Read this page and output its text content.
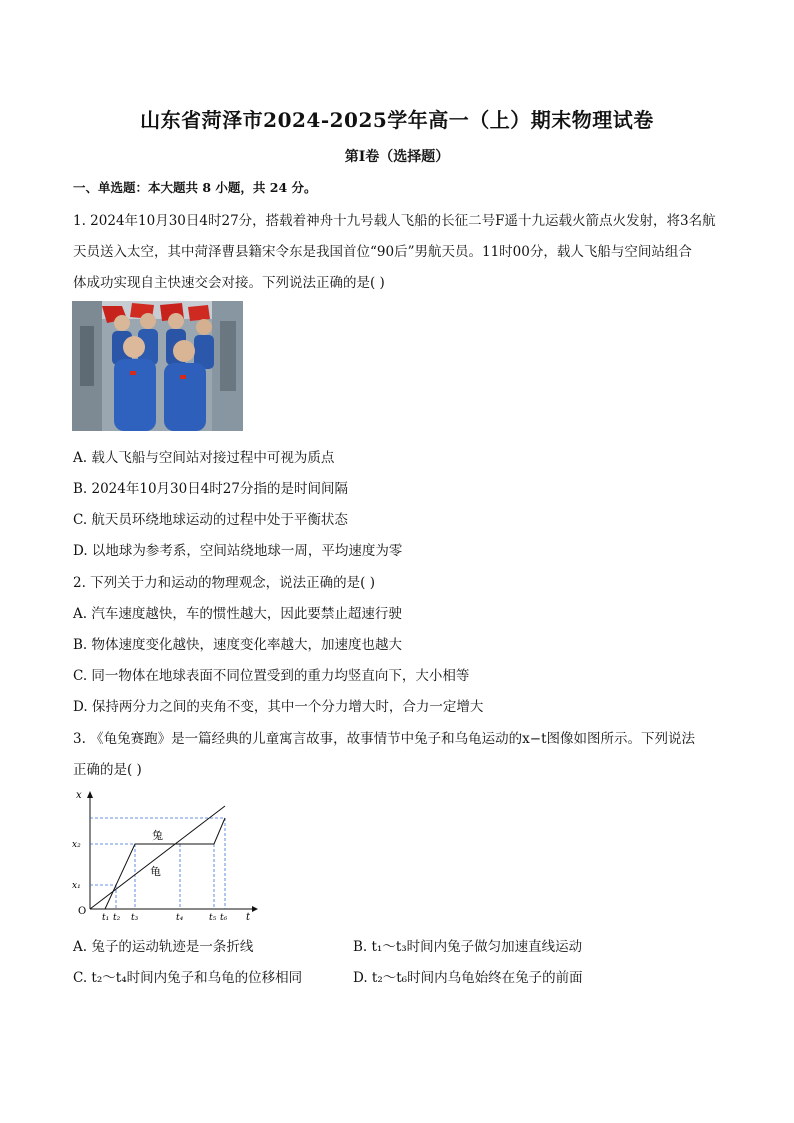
山东省菏泽市2024-2025学年高一（上）期末物理试卷
第I卷（选择题）
一、单选题：本大题共 8 小题，共 24 分。
1. 2024年10月30日4时27分，搭载着神舟十九号载人飞船的长征二号F遥十九运载火箭点火发射，将3名航
天员送入太空，其中菏泽曹县籍宋令东是我国首位“90后”男航天员。11时00分，载人飞船与空间站组合
体成功实现自主快速交会对接。下列说法正确的是( )
A. 载人飞船与空间站对接过程中可视为质点
B. 2024年10月30日4时27分指的是时间间隔
C. 航天员环绕地球运动的过程中处于平衡状态
D. 以地球为参考系，空间站绕地球一周，平均速度为零
2. 下列关于力和运动的物理观念，说法正确的是( )
A. 汽车速度越快，车的惯性越大，因此要禁止超速行驶
B. 物体速度变化越快，速度变化率越大，加速度也越大
C. 同一物体在地球表面不同位置受到的重力均竖直向下，大小相等
D. 保持两分力之间的夹角不变，其中一个分力增大时，合力一定增大
3. 《龟兔赛跑》是一篇经典的儿童寓言故事，故事情节中兔子和乌龟运动的x−t图像如图所示。下列说法
正确的是( )
x
t
O
兔
龟
x₂
x₁
t₁ t₂ t₃	t₄	t₅ t₆
A. 兔子的运动轨迹是一条折线	B. t₁～t₃时间内兔子做匀加速直线运动
C. t₂～t₄时间内兔子和乌龟的位移相同	D. t₂～t₆时间内乌龟始终在兔子的前面
